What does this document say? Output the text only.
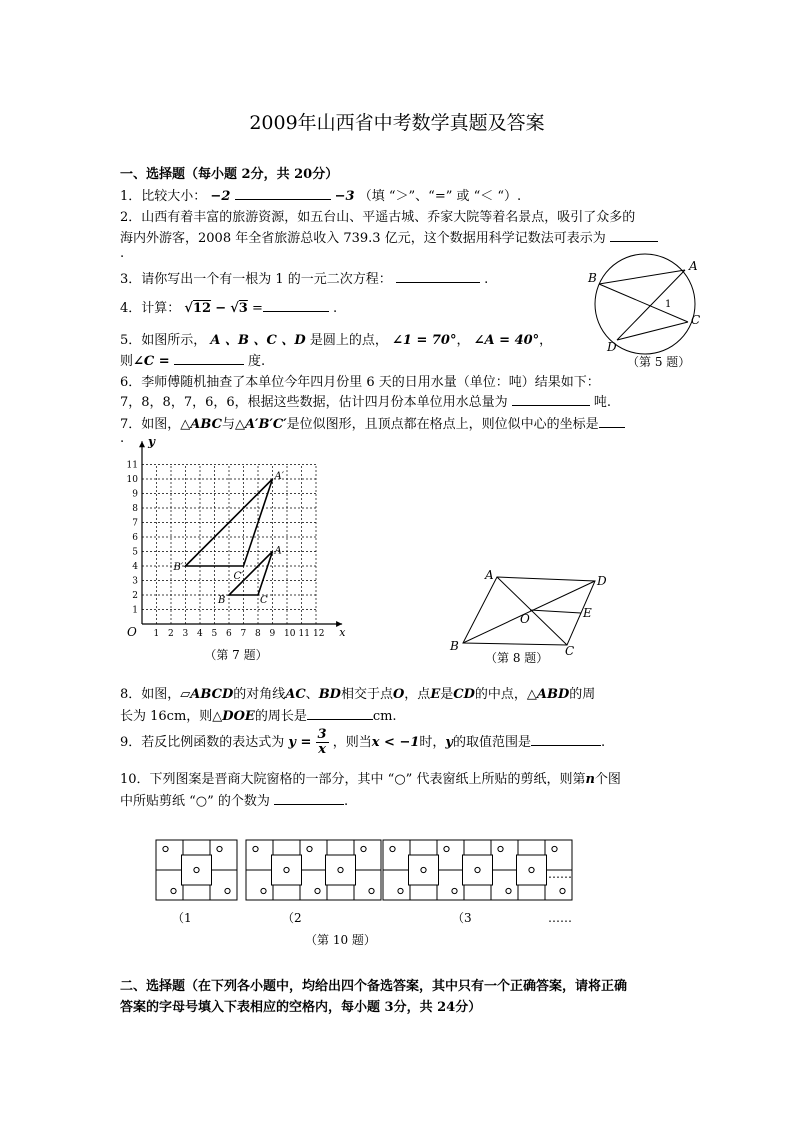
2009年山西省中考数学真题及答案
一、选择题（每小题 2分，共 20分）
1．比较大小： −2	−3 （填 “＞”、“=” 或 “＜ “）.
2．山西有着丰富的旅游资源，如五台山、平遥古城、乔家大院等着名景点，吸引了众多的
海内外游客，2008 年全省旅游总收入 739.3 亿元，这个数据用科学记数法可表示为
.
3．请你写出一个有一根为 1 的一元二次方程：	.
4．计算： √12 − √3 =	.
5．如图所示， A 、B 、C 、D 是圆上的点， ∠1 = 70°， ∠A = 40°，
则∠C =	度.
B
A
C
D
1
（第 5 题）
6．李师傅随机抽查了本单位今年四月份里 6 天的日用水量（单位：吨）结果如下：
7，8，8，7，6，6，根据这些数据，估计四月份本单位用水总量为	吨.
7．如图，△ABC与△A′B′C′是位似图形，且顶点都在格点上，则位似中心的坐标是
.
1 2 3 4 5 6 7 8 9 10 11 12
1
2
3
4
5
6
7
8
9
10
11
A
B	C
A′
B′
C′
y
x
O
（第 7 题）
A	D
E
O
B	C
（第 8 题）
8．如图，▱ABCD的对角线AC、BD相交于点O，点E是CD的中点，△ABD的周
长为 16cm，则△DOE的周长是	cm.
9．若反比例函数的表达式为 $y = \frac{3}{x}$ ，则当x < −1时，y的取值范围是	.
10．下列图案是晋商大院窗格的一部分，其中 “○” 代表窗纸上所贴的剪纸，则第n个图
中所贴剪纸 “○” 的个数为	.
……
……
（1	（2	（3
（第 10 题）
二、选择题（在下列各小题中，均给出四个备选答案，其中只有一个正确答案，请将正确
答案的字母号填入下表相应的空格内，每小题 3分，共 24分）
